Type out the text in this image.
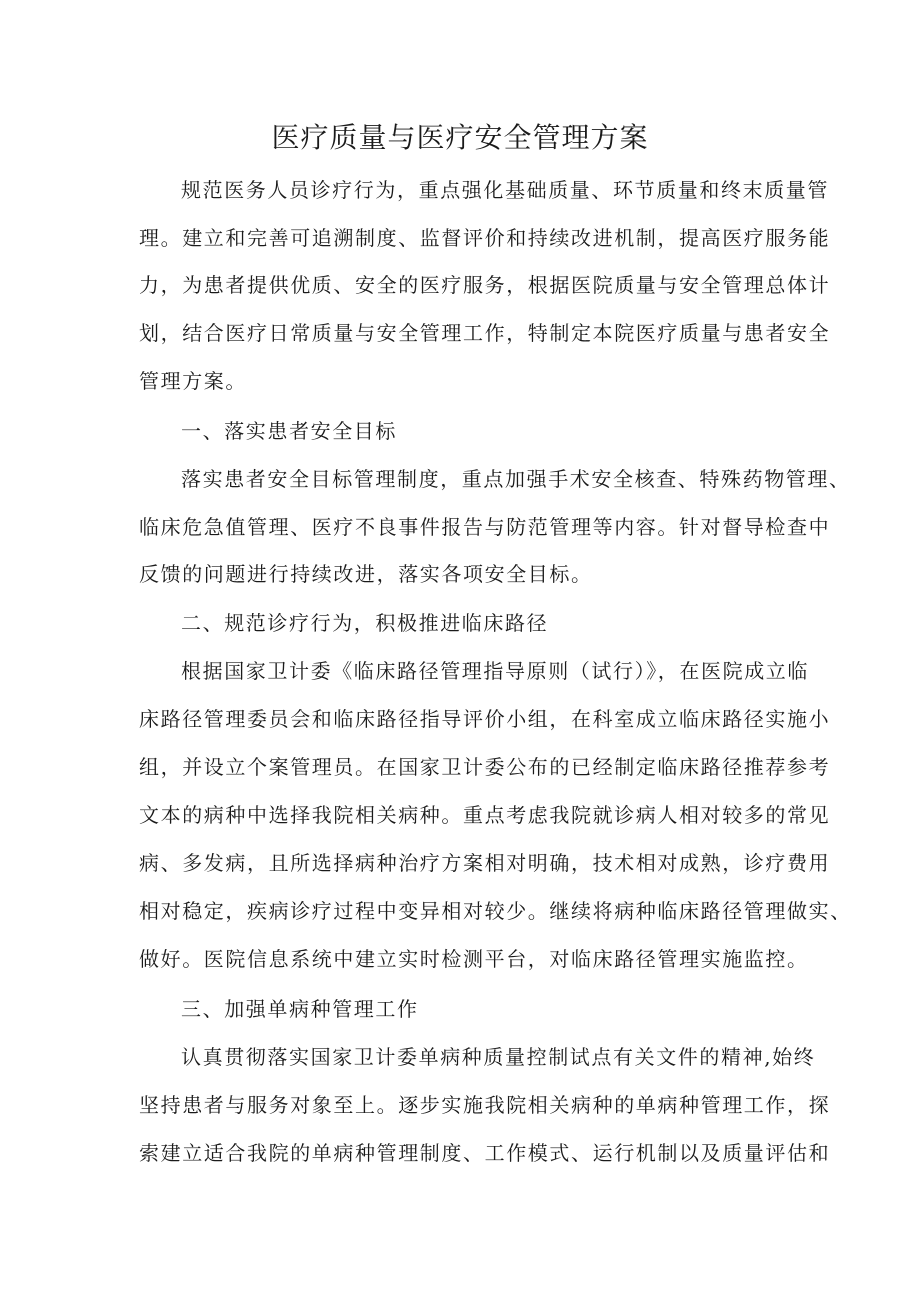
医疗质量与医疗安全管理方案
规范医务人员诊疗行为，重点强化基础质量、环节质量和终末质量管
理。建立和完善可追溯制度、监督评价和持续改进机制，提高医疗服务能
力，为患者提供优质、安全的医疗服务，根据医院质量与安全管理总体计
划，结合医疗日常质量与安全管理工作，特制定本院医疗质量与患者安全
管理方案。
一、落实患者安全目标
落实患者安全目标管理制度，重点加强手术安全核查、特殊药物管理、
临床危急值管理、医疗不良事件报告与防范管理等内容。针对督导检查中
反馈的问题进行持续改进，落实各项安全目标。
二、规范诊疗行为，积极推进临床路径
根据国家卫计委《临床路径管理指导原则（试行）》，在医院成立临
床路径管理委员会和临床路径指导评价小组，在科室成立临床路径实施小
组，并设立个案管理员。在国家卫计委公布的已经制定临床路径推荐参考
文本的病种中选择我院相关病种。重点考虑我院就诊病人相对较多的常见
病、多发病，且所选择病种治疗方案相对明确，技术相对成熟，诊疗费用
相对稳定，疾病诊疗过程中变异相对较少。继续将病种临床路径管理做实、
做好。医院信息系统中建立实时检测平台，对临床路径管理实施监控。
三、加强单病种管理工作
认真贯彻落实国家卫计委单病种质量控制试点有关文件的精神,始终
坚持患者与服务对象至上。逐步实施我院相关病种的单病种管理工作，探
索建立适合我院的单病种管理制度、工作模式、运行机制以及质量评估和
